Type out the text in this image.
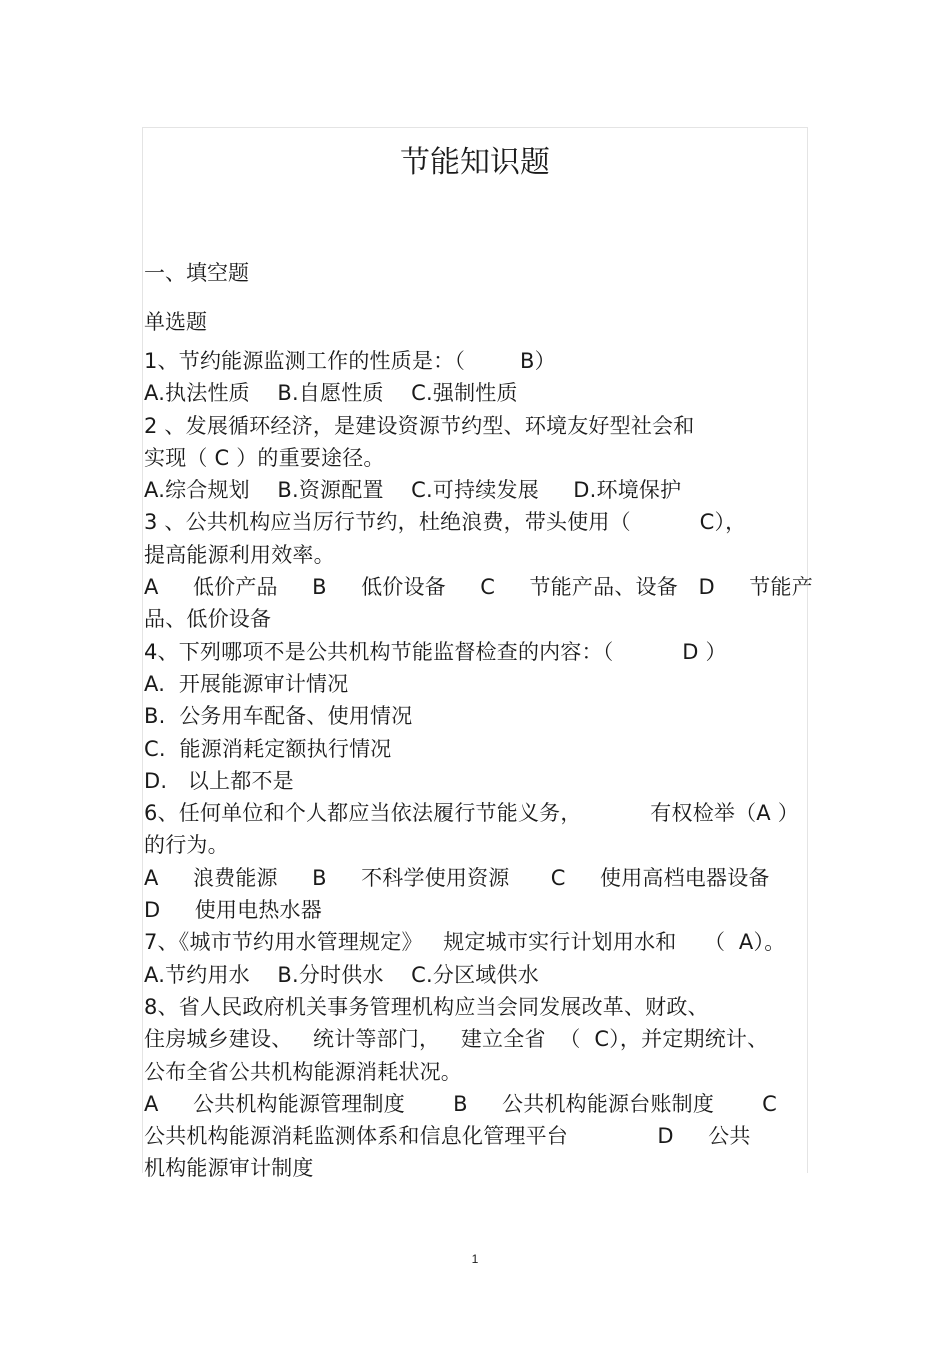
节能知识题
一、填空题
单选题
1、节约能源监测工作的性质是：（        B）
A.执法性质    B.自愿性质    C.强制性质
2 、发展循环经济，是建设资源节约型、环境友好型社会和
实现（ C ）的重要途径。
A.综合规划    B.资源配置    C.可持续发展     D.环境保护
3 、公共机构应当厉行节约，杜绝浪费，带头使用（          C），
提高能源利用效率。
A     低价产品     B     低价设备     C     节能产品、设备   D     节能产
品、低价设备
4、下列哪项不是公共机构节能监督检查的内容：（          D ）
A.  开展能源审计情况
B.  公务用车配备、使用情况
C.  能源消耗定额执行情况
D.   以上都不是
6、任何单位和个人都应当依法履行节能义务，          有权检举（A ）
的行为。
A     浪费能源     B     不科学使用资源      C     使用高档电器设备
D     使用电热水器
7、《城市节约用水管理规定》   规定城市实行计划用水和    （  A）。
A.节约用水    B.分时供水    C.分区域供水
8、省人民政府机关事务管理机构应当会同发展改革、财政、
住房城乡建设、   统计等部门，   建立全省  （  C），并定期统计、
公布全省公共机构能源消耗状况。
A     公共机构能源管理制度       B     公共机构能源台账制度       C
公共机构能源消耗监测体系和信息化管理平台             D     公共
机构能源审计制度
1
